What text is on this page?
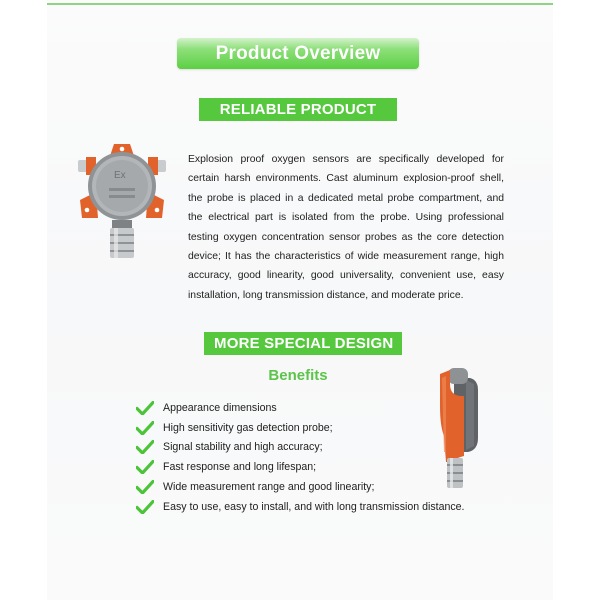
Product Overview
RELIABLE PRODUCT
Ex
Explosion proof oxygen sensors are specifically developed for certain harsh environments. Cast aluminum explosion-proof shell, the probe is placed in a dedicated metal probe compartment, and the electrical part is isolated from the probe. Using professional testing oxygen concentration sensor probes as the core detection device; It has the characteristics of wide measurement range, high accuracy, good linearity, good universality, convenient use, easy installation, long transmission distance, and moderate price.
MORE SPECIAL DESIGN
Benefits
Appearance dimensions
High sensitivity gas detection probe;
Signal stability and high accuracy;
Fast response and long lifespan;
Wide measurement range and good linearity;
Easy to use, easy to install, and with long transmission distance.
